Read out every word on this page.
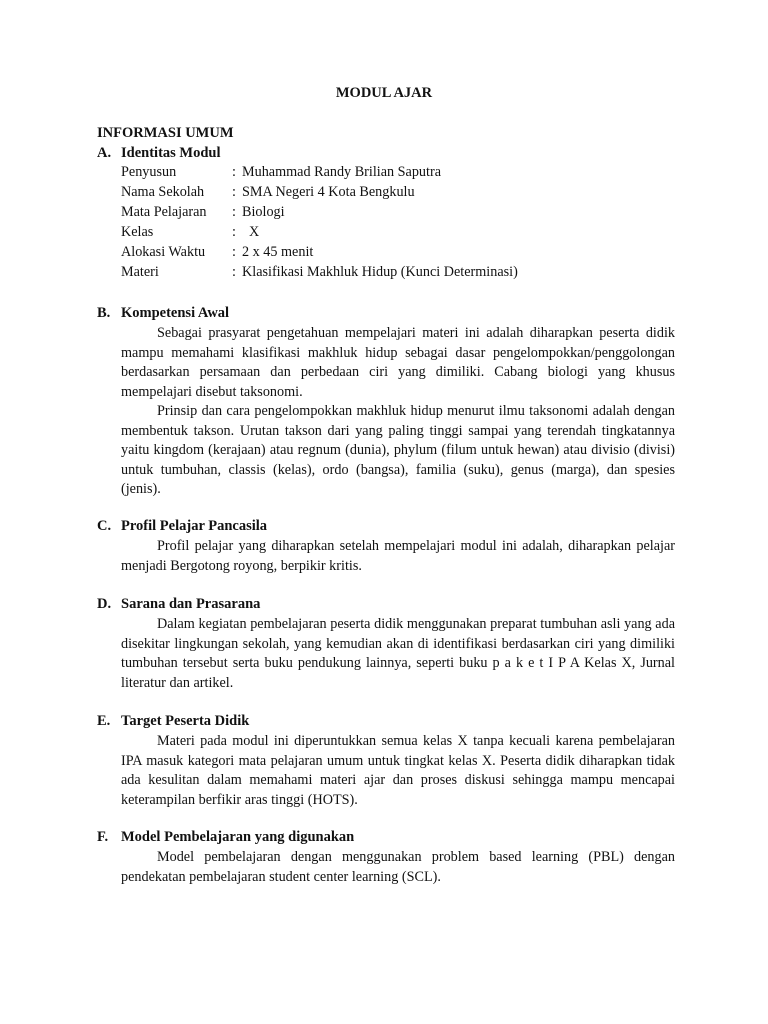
MODUL AJAR
INFORMASI UMUM
A. Identitas Modul
Penyusun	: Muhammad Randy Brilian Saputra
Nama Sekolah : SMA Negeri 4 Kota Bengkulu
Mata Pelajaran : Biologi
Kelas	: X
Alokasi Waktu : 2 x 45 menit
Materi	: Klasifikasi Makhluk Hidup (Kunci Determinasi)
B. Kompetensi Awal

Sebagai prasyarat pengetahuan mempelajari materi ini adalah diharapkan peserta didik mampu memahami klasifikasi makhluk hidup sebagai dasar pengelompokkan/penggolongan berdasarkan persamaan dan perbedaan ciri yang dimiliki. Cabang biologi yang khusus mempelajari disebut taksonomi.

Prinsip dan cara pengelompokkan makhluk hidup menurut ilmu taksonomi adalah dengan membentuk takson. Urutan takson dari yang paling tinggi sampai yang terendah tingkatannya yaitu kingdom (kerajaan) atau regnum (dunia), phylum (filum untuk hewan) atau divisio (divisi) untuk tumbuhan, classis (kelas), ordo (bangsa), familia (suku), genus (marga), dan spesies (jenis).

C. Profil Pelajar Pancasila

Profil pelajar yang diharapkan setelah mempelajari modul ini adalah, diharapkan pelajar menjadi Bergotong royong, berpikir kritis.

D. Sarana dan Prasarana

Dalam kegiatan pembelajaran peserta didik menggunakan preparat tumbuhan asli yang ada disekitar lingkungan sekolah, yang kemudian akan di identifikasi berdasarkan ciri yang dimiliki tumbuhan tersebut serta buku pendukung lainnya, seperti buku p a k e t I P A Kelas X, Jurnal literatur dan artikel.

E. Target Peserta Didik

Materi pada modul ini diperuntukkan semua kelas X tanpa kecuali karena pembelajaran IPA masuk kategori mata pelajaran umum untuk tingkat kelas X. Peserta didik diharapkan tidak ada kesulitan dalam memahami materi ajar dan proses diskusi sehingga mampu mencapai keterampilan berfikir aras tinggi (HOTS).

F. Model Pembelajaran yang digunakan

Model pembelajaran dengan menggunakan problem based learning (PBL) dengan pendekatan pembelajaran student center learning (SCL).
